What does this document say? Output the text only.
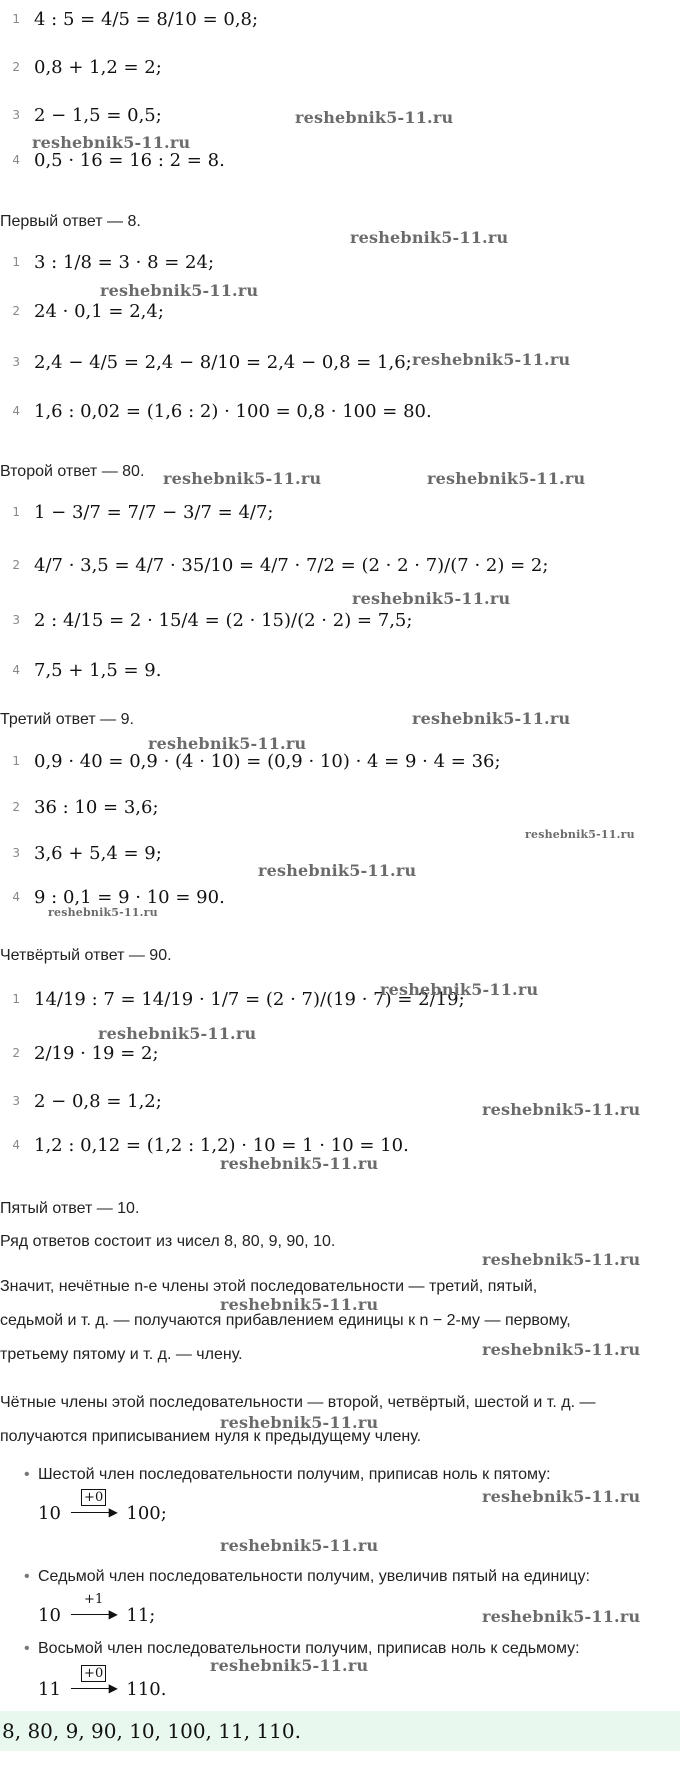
1 4 : 5 = 4/5 = 8/10 = 0,8;
2 0,8 + 1,2 = 2;
3 2 − 1,5 = 0,5;
4 0,5 · 16 = 16 : 2 = 8.
Первый ответ — 8.
1 3 : 1/8 = 3 · 8 = 24;
2 24 · 0,1 = 2,4;
3 2,4 − 4/5 = 2,4 − 8/10 = 2,4 − 0,8 = 1,6;
4 1,6 : 0,02 = (1,6 : 2) · 100 = 0,8 · 100 = 80.
Второй ответ — 80.
1 1 − 3/7 = 7/7 − 3/7 = 4/7;
2 4/7 · 3,5 = 4/7 · 35/10 = 4/7 · 7/2 = (2 · 2 · 7)/(7 · 2) = 2;
3 2 : 4/15 = 2 · 15/4 = (2 · 15)/(2 · 2) = 7,5;
4 7,5 + 1,5 = 9.
Третий ответ — 9.
1 0,9 · 40 = 0,9 · (4 · 10) = (0,9 · 10) · 4 = 9 · 4 = 36;
2 36 : 10 = 3,6;
3 3,6 + 5,4 = 9;
4 9 : 0,1 = 9 · 10 = 90.
Четвёртый ответ — 90.
1 14/19 : 7 = 14/19 · 1/7 = (2 · 7)/(19 · 7) = 2/19;
2 2/19 · 19 = 2;
3 2 − 0,8 = 1,2;
4 1,2 : 0,12 = (1,2 : 1,2) · 10 = 1 · 10 = 10.
Пятый ответ — 10.
Ряд ответов состоит из чисел 8, 80, 9, 90, 10.
Значит, нечётные n-е члены этой последовательности — третий, пятый,
седьмой и т. д. — получаются прибавлением единицы к n − 2-му — первому,
третьему пятому и т. д. — члену.
Чётные члены этой последовательности — второй, четвёртый, шестой и т. д. —
получаются приписыванием нуля к предыдущему члену.
• Шестой член последовательности получим, приписав ноль к пятому:
10
+0
▶ 100;
• Седьмой член последовательности получим, увеличив пятый на единицу:
10
+1
▶ 11;
• Восьмой член последовательности получим, приписав ноль к седьмому:
11
+0
▶ 110.
8, 80, 9, 90, 10, 100, 11, 110.
reshebnik5-11.ru
reshebnik5-11.ru
reshebnik5-11.ru
reshebnik5-11.ru
reshebnik5-11.ru
reshebnik5-11.ru	reshebnik5-11.ru
reshebnik5-11.ru
reshebnik5-11.ru
reshebnik5-11.ru
reshebnik5-11.ru
reshebnik5-11.ru
reshebnik5-11.ru
reshebnik5-11.ru
reshebnik5-11.ru
reshebnik5-11.ru
reshebnik5-11.ru
reshebnik5-11.ru
reshebnik5-11.ru
reshebnik5-11.ru
reshebnik5-11.ru
reshebnik5-11.ru
reshebnik5-11.ru
reshebnik5-11.ru
reshebnik5-11.ru
